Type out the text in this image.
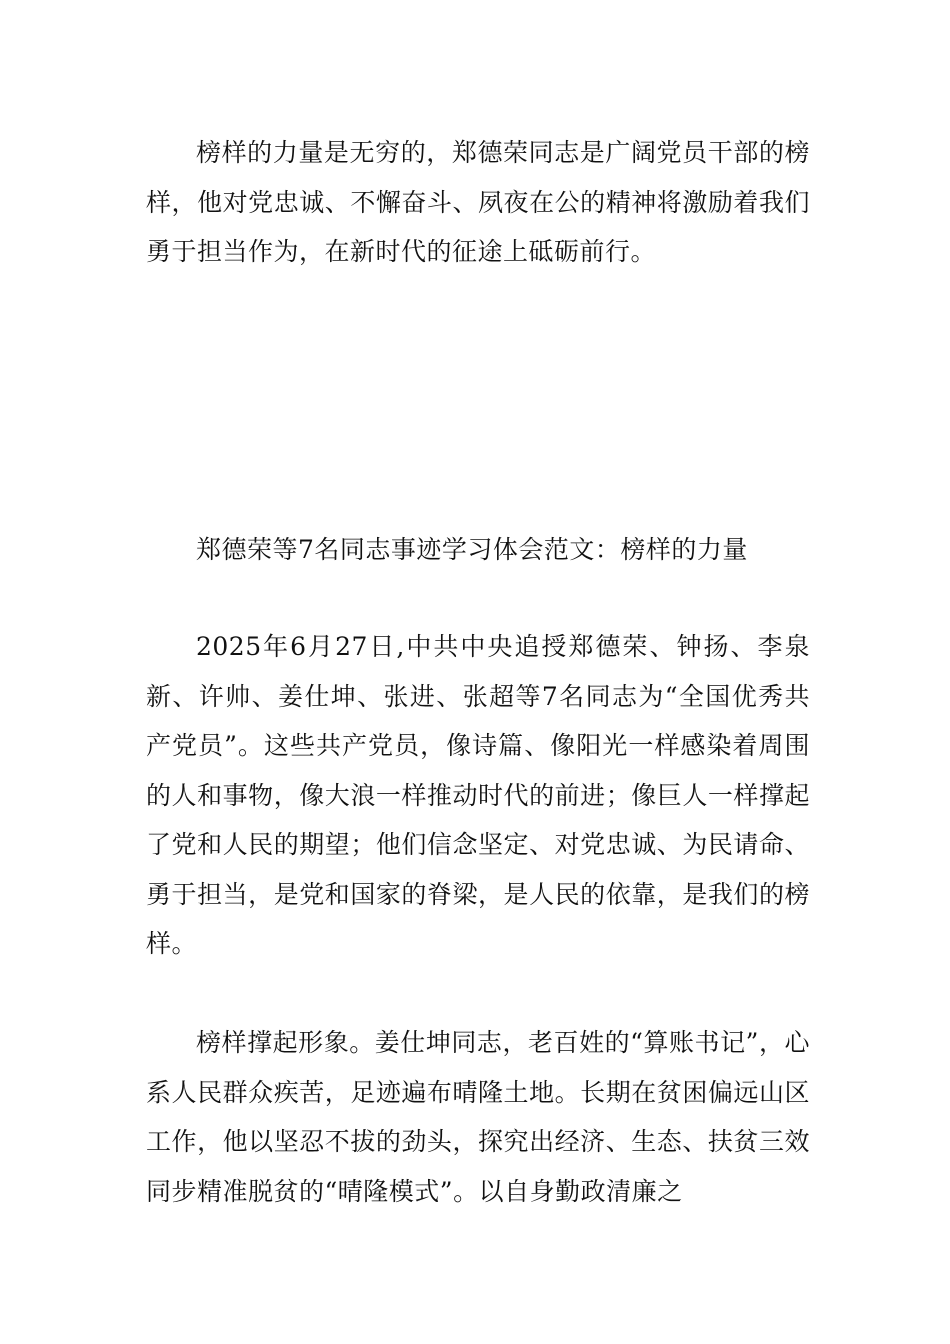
榜样的力量是无穷的，郑德荣同志是广阔党员干部的榜样，他对党忠诚、不懈奋斗、夙夜在公的精神将激励着我们勇于担当作为，在新时代的征途上砥砺前行。

郑德荣等7名同志事迹学习体会范文：榜样的力量

2025年6月27日,中共中央追授郑德荣、钟扬、李泉新、许帅、姜仕坤、张进、张超等7名同志为“全国优秀共产党员”。这些共产党员，像诗篇、像阳光一样感染着周围的人和事物，像大浪一样推动时代的前进；像巨人一样撑起了党和人民的期望；他们信念坚定、对党忠诚、为民请命、勇于担当，是党和国家的脊梁，是人民的依靠，是我们的榜样。

榜样撑起形象。姜仕坤同志，老百姓的“算账书记”，心系人民群众疾苦，足迹遍布晴隆土地。长期在贫困偏远山区工作，他以坚忍不拔的劲头，探究出经济、生态、扶贫三效同步精准脱贫的“晴隆模式”。以自身勤政清廉之
